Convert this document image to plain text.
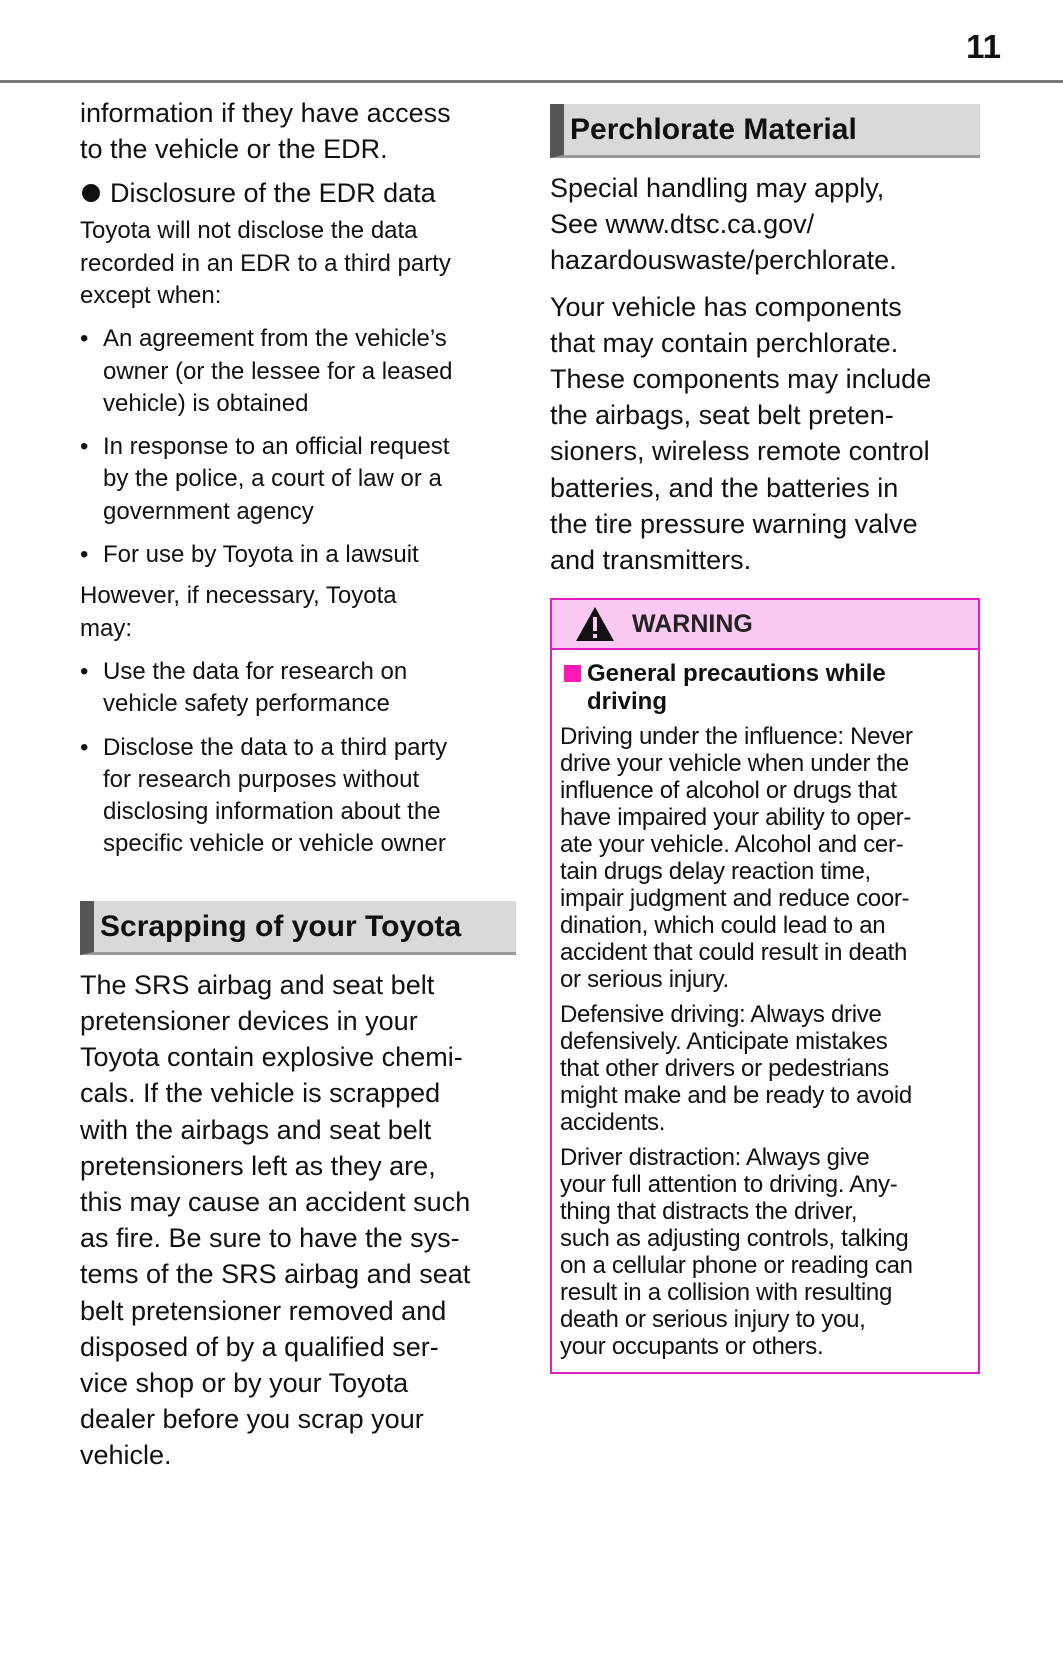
11

information if they have access
to the vehicle or the EDR.

Disclosure of the EDR data

Toyota will not disclose the data
recorded in an EDR to a third party
except when:

• An agreement from the vehicle’s
owner (or the lessee for a leased
vehicle) is obtained
• In response to an official request
by the police, a court of law or a
government agency
• For use by Toyota in a lawsuit

However, if necessary, Toyota
may:

• Use the data for research on
vehicle safety performance
• Disclose the data to a third party
for research purposes without
disclosing information about the
specific vehicle or vehicle owner
Scrapping of your Toyota

The SRS airbag and seat belt
pretensioner devices in your
Toyota contain explosive chemi-
cals. If the vehicle is scrapped
with the airbags and seat belt
pretensioners left as they are,
this may cause an accident such
as fire. Be sure to have the sys-
tems of the SRS airbag and seat
belt pretensioner removed and
disposed of by a qualified ser-
vice shop or by your Toyota
dealer before you scrap your
vehicle.

Perchlorate Material

Special handling may apply,
See www.dtsc.ca.gov/
hazardouswaste/perchlorate.

Your vehicle has components
that may contain perchlorate.
These components may include
the airbags, seat belt preten-
sioners, wireless remote control
batteries, and the batteries in
the tire pressure warning valve
and transmitters.

WARNING
General precautions while
driving

Driving under the influence: Never
drive your vehicle when under the
influence of alcohol or drugs that
have impaired your ability to oper-
ate your vehicle. Alcohol and cer-
tain drugs delay reaction time,
impair judgment and reduce coor-
dination, which could lead to an
accident that could result in death
or serious injury.

Defensive driving: Always drive
defensively. Anticipate mistakes
that other drivers or pedestrians
might make and be ready to avoid
accidents.

Driver distraction: Always give
your full attention to driving. Any-
thing that distracts the driver,
such as adjusting controls, talking
on a cellular phone or reading can
result in a collision with resulting
death or serious injury to you,
your occupants or others.
